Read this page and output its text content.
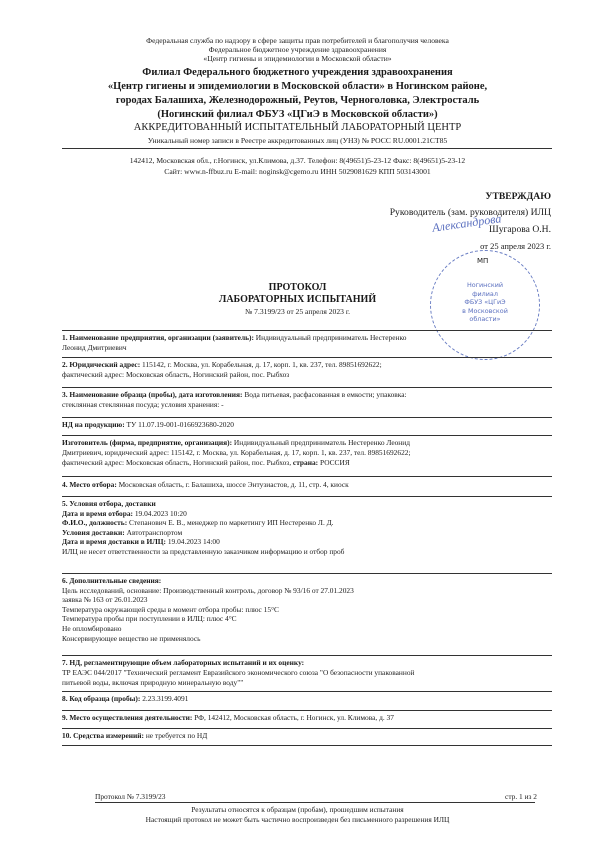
Федеральная служба по надзору в сфере защиты прав потребителей и благополучия человека
Федеральное бюджетное учреждение здравоохранения
«Центр гигиены и эпидемиологии в Московской области»
Филиал Федерального бюджетного учреждения здравоохранения
«Центр гигиены и эпидемиологии в Московской области» в Ногинском районе,
городах Балашиха, Железнодорожный, Реутов, Черноголовка, Электросталь
(Ногинский филиал ФБУЗ «ЦГиЭ в Московской области»)
АККРЕДИТОВАННЫЙ ИСПЫТАТЕЛЬНЫЙ ЛАБОРАТОРНЫЙ ЦЕНТР
Уникальный номер записи в Реестре аккредитованных лиц (УНЗ) № РОСС RU.0001.21СТ85
142412, Московская обл., г.Ногинск, ул.Климова, д.37. Телефон: 8(49651)5-23-12 Факс: 8(49651)5-23-12
Сайт: www.n-ffbuz.ru E-mail: noginsk@cgemo.ru ИНН 5029081629 КПП 503143001
УТВЕРЖДАЮ
Руководитель (зам. руководителя) ИЛЦ
Шугарова О.Н.
от 25 апреля 2023 г.
Александрова
МП
Ногинский
филиал
ФБУЗ «ЦГиЭ
в Московской
области»
ПРОТОКОЛ
ЛАБОРАТОРНЫХ ИСПЫТАНИЙ
№ 7.3199/23 от 25 апреля 2023 г.
1. Наименование предприятия, организации (заявитель): Индивидуальный предприниматель Нестеренко
Леонид Дмитриевич
2. Юридический адрес: 115142, г. Москва, ул. Корабельная, д. 17, корп. 1, кв. 237, тел. 89851692622;
фактический адрес: Московская область, Ногинский район, пос. Рыбхоз
3. Наименование образца (пробы), дата изготовления: Вода питьевая, расфасованная в емкости; упаковка:
стеклянная стеклянная посуда; условия хранения: -
НД на продукцию: ТУ 11.07.19-001-0166923680-2020
Изготовитель (фирма, предприятие, организация): Индивидуальный предприниматель Нестеренко Леонид
Дмитриевич, юридический адрес: 115142, г. Москва, ул. Корабельная, д. 17, корп. 1, кв. 237, тел. 89851692622;
фактический адрес: Московская область, Ногинский район, пос. Рыбхоз, страна: РОССИЯ
4. Место отбора: Московская область, г. Балашиха, шоссе Энтузиастов, д. 11, стр. 4, киоск
5. Условия отбора, доставки
Дата и время отбора: 19.04.2023 10:20
Ф.И.О., должность: Степанович Е. В., менеджер по маркетингу ИП Нестеренко Л. Д.
Условия доставки: Автотранспортом
Дата и время доставки в ИЛЦ: 19.04.2023 14:00
ИЛЦ не несет ответственности за представленную заказчиком информацию и отбор проб
6. Дополнительные сведения:
Цель исследований, основание: Производственный контроль, договор № 93/16 от 27.01.2023
заявка № 163 от 26.01.2023
Температура окружающей среды в момент отбора пробы: плюс 15°C
Температура пробы при поступлении в ИЛЦ: плюс 4°C
Не опломбировано
Консервирующее вещество не применялось
7. НД, регламентирующие объем лабораторных испытаний и их оценку:
ТР ЕАЭС 044/2017 "Технический регламент Евразийского экономического союза "О безопасности упакованной
питьевой воды, включая природную минеральную воду""
8. Код образца (пробы): 2.23.3199.4091
9. Место осуществления деятельности: РФ, 142412, Московская область, г. Ногинск, ул. Климова, д. 37
10. Средства измерений: не требуется по НД
Протокол № 7.3199/23	стр. 1 из 2
Результаты относятся к образцам (пробам), прошедшим испытания
Настоящий протокол не может быть частично воспроизведен без письменного разрешения ИЛЦ
